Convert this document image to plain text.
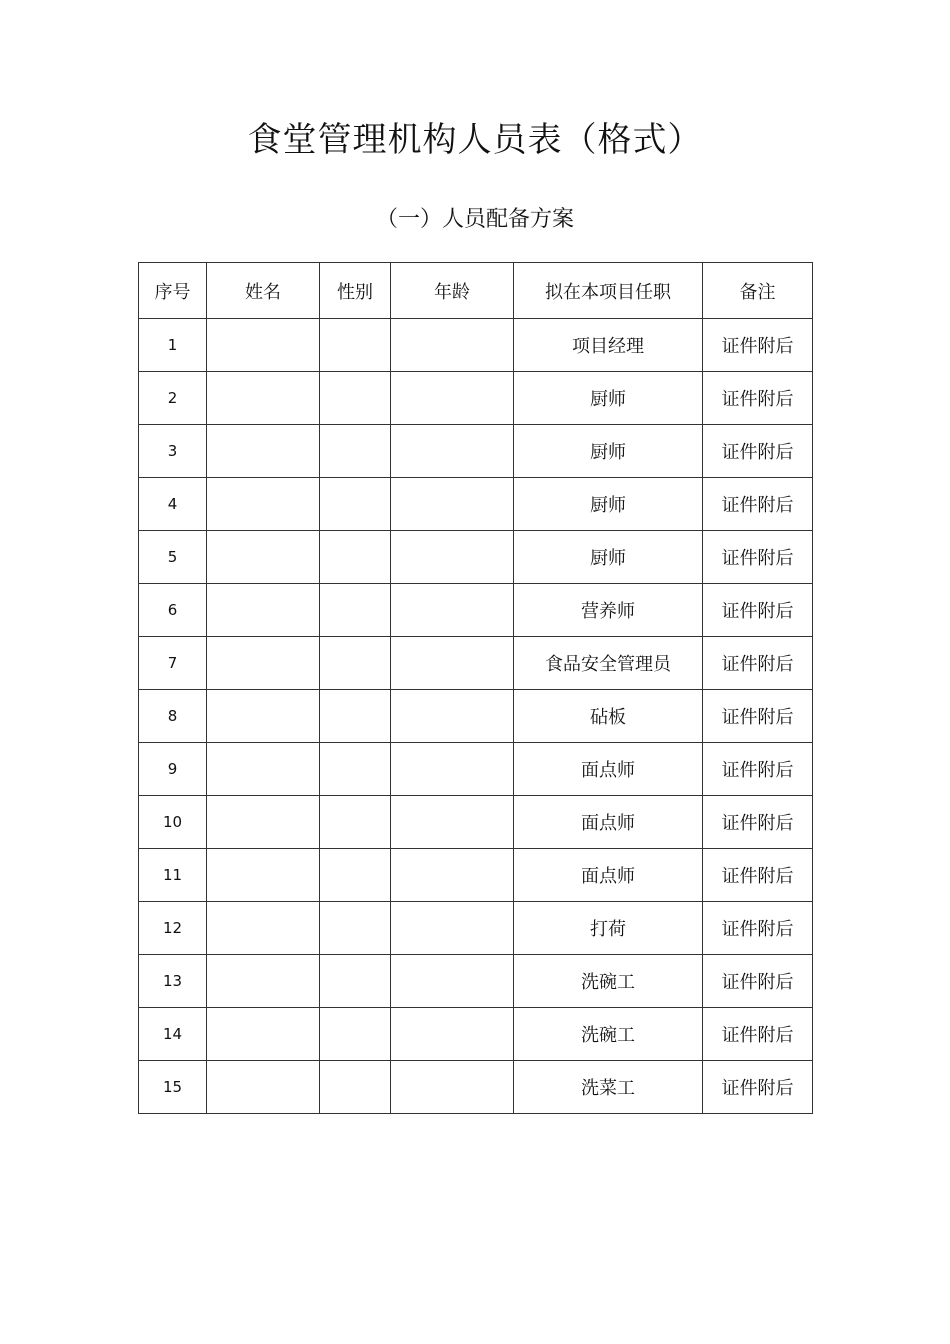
食堂管理机构人员表（格式）
（一）人员配备方案
序号	姓名	性别	年龄	拟在本项目任职	备注
1				项目经理	证件附后
2				厨师	证件附后
3				厨师	证件附后
4				厨师	证件附后
5				厨师	证件附后
6				营养师	证件附后
7				食品安全管理员	证件附后
8				砧板	证件附后
9				面点师	证件附后
10				面点师	证件附后
11				面点师	证件附后
12				打荷	证件附后
13				洗碗工	证件附后
14				洗碗工	证件附后
15				洗菜工	证件附后
